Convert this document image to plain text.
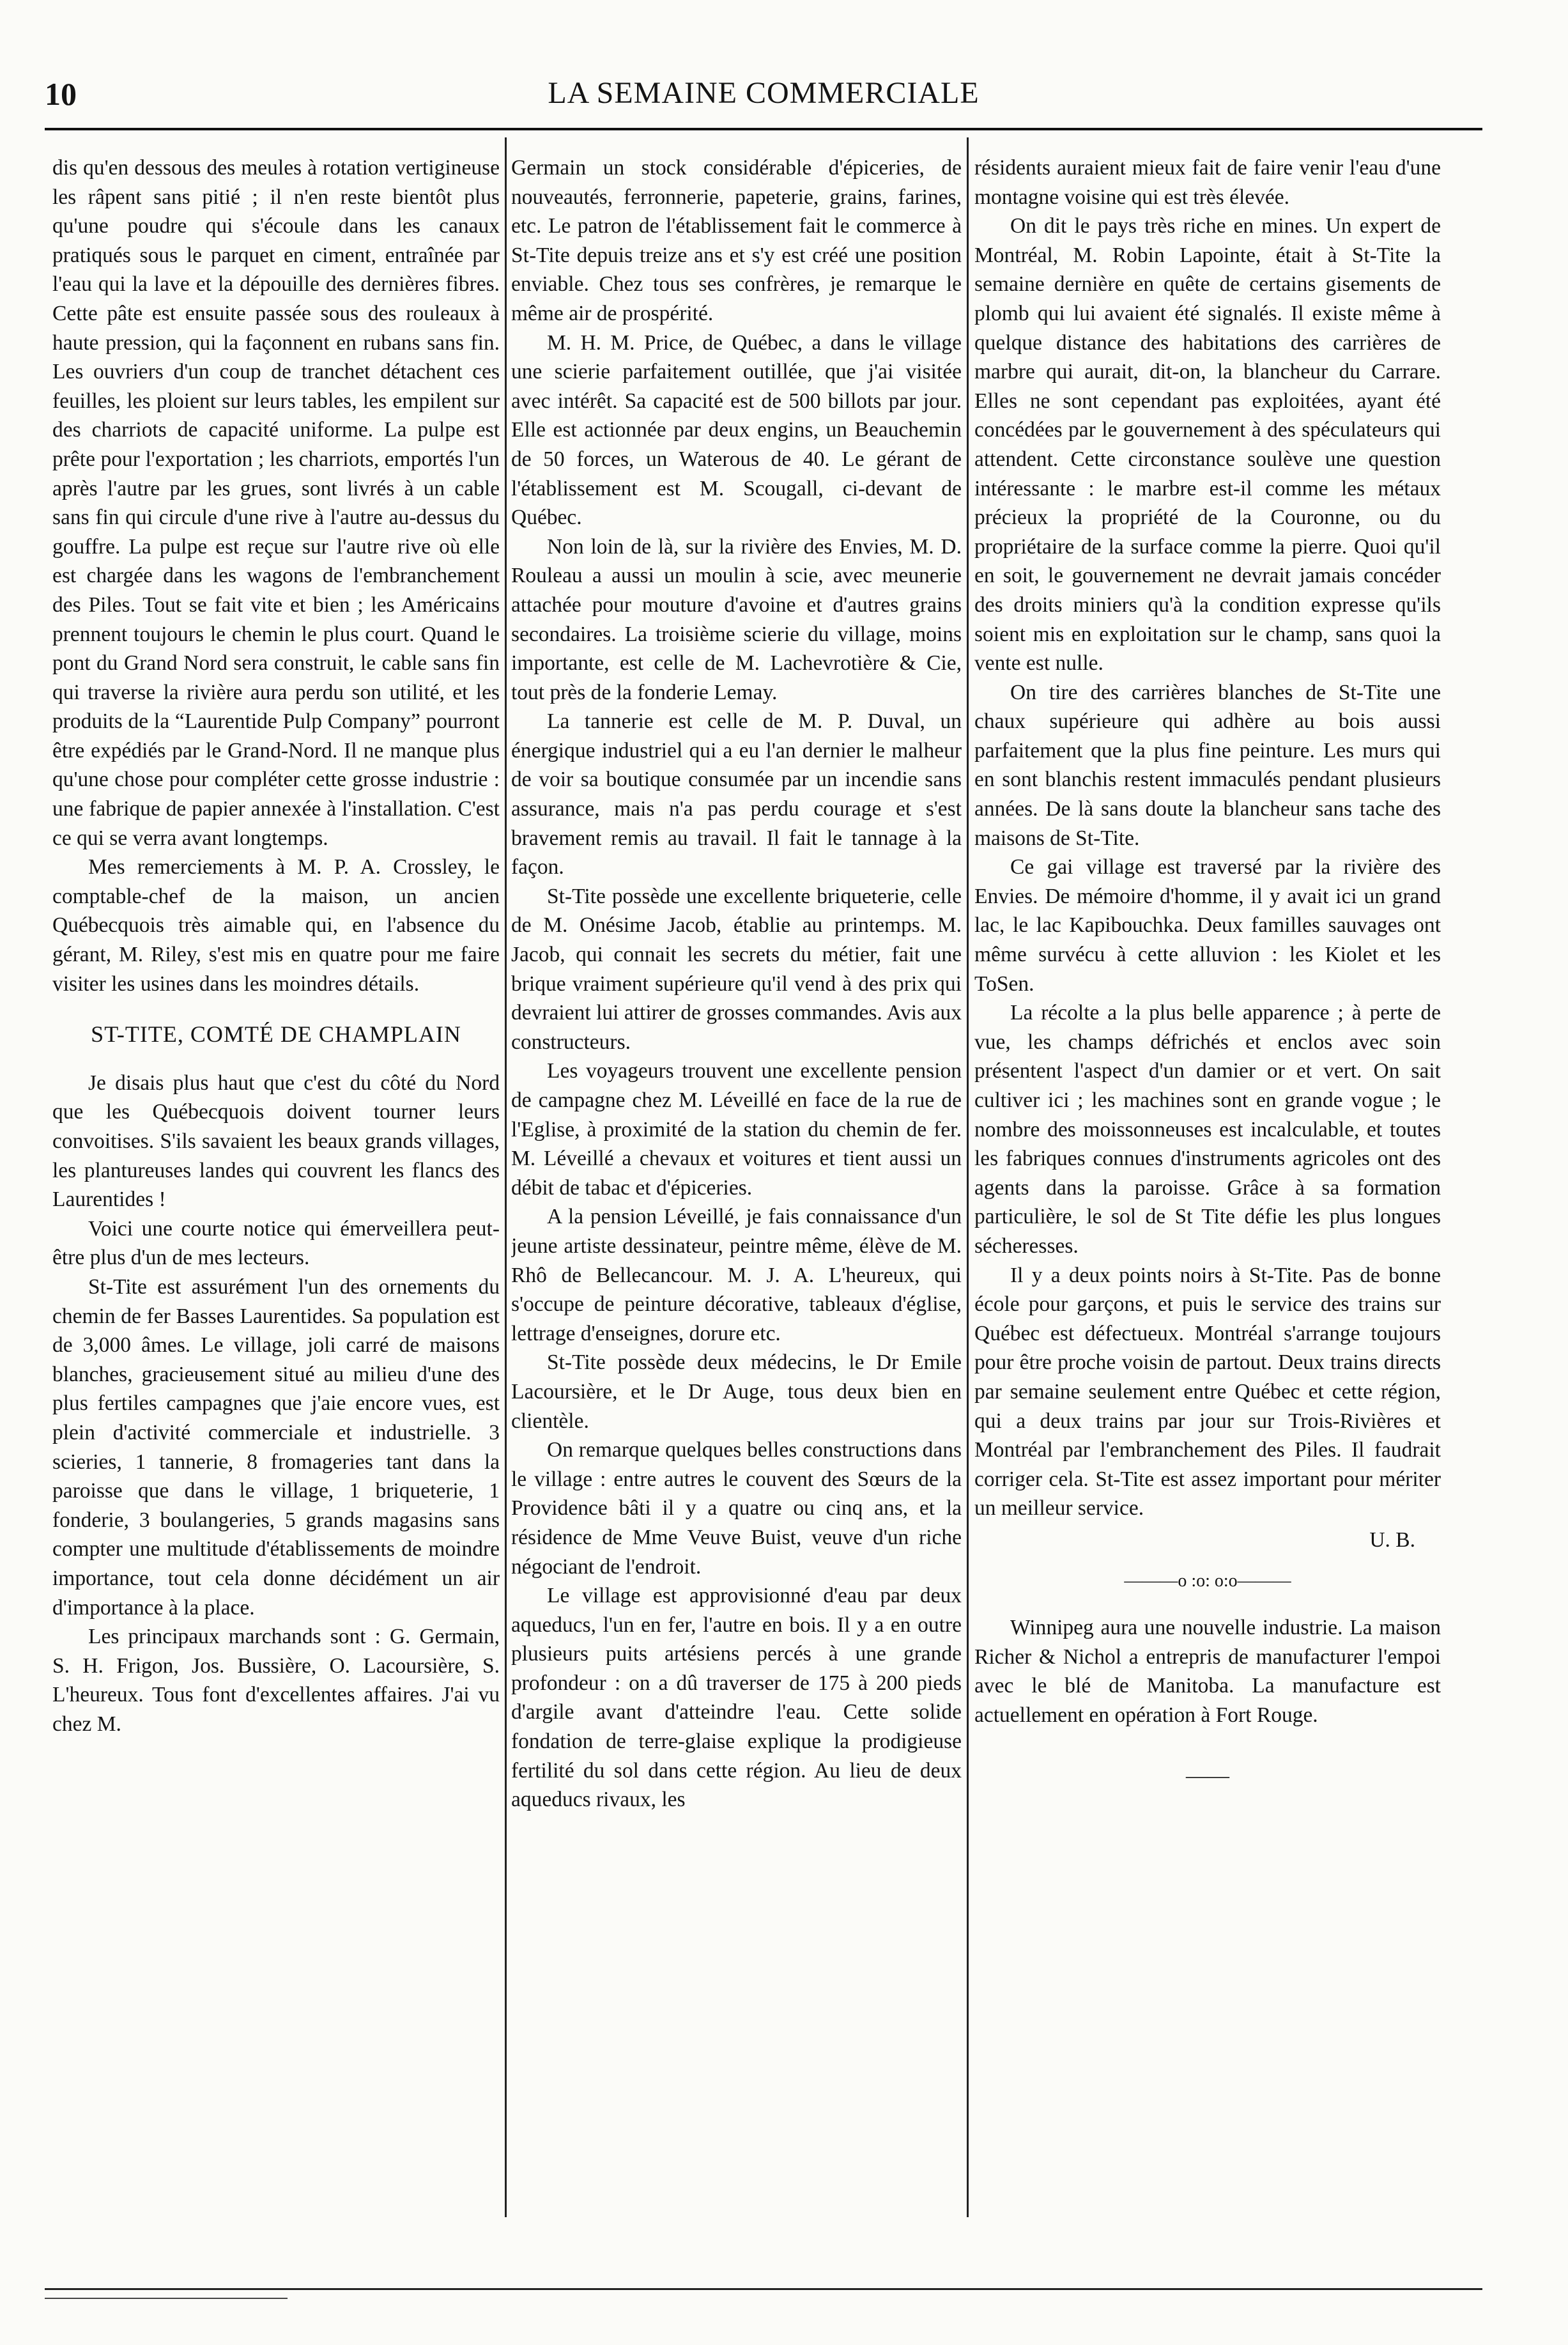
10	LA SEMAINE COMMERCIALE

dis qu'en dessous des meules à rotation vertigineuse les râpent sans pitié ; il n'en reste bientôt plus qu'une poudre qui s'écoule dans les canaux pratiqués sous le parquet en ciment, entraînée par l'eau qui la lave et la dépouille des dernières fibres. Cette pâte est ensuite passée sous des rouleaux à haute pression, qui la façonnent en rubans sans fin. Les ouvriers d'un coup de tranchet détachent ces feuilles, les ploient sur leurs tables, les empilent sur des charriots de capacité uniforme. La pulpe est prête pour l'exportation ; les charriots, emportés l'un après l'autre par les grues, sont livrés à un cable sans fin qui circule d'une rive à l'autre au-dessus du gouffre. La pulpe est reçue sur l'autre rive où elle est chargée dans les wagons de l'embranchement des Piles. Tout se fait vite et bien ; les Américains prennent toujours le chemin le plus court. Quand le pont du Grand Nord sera construit, le cable sans fin qui traverse la rivière aura perdu son utilité, et les produits de la “Laurentide Pulp Company” pourront être expédiés par le Grand-Nord. Il ne manque plus qu'une chose pour compléter cette grosse industrie : une fabrique de papier annexée à l'installation. C'est ce qui se verra avant longtemps.

Mes remerciements à M. P. A. Crossley, le comptable-chef de la maison, un ancien Québecquois très aimable qui, en l'absence du gérant, M. Riley, s'est mis en quatre pour me faire visiter les usines dans les moindres détails.

ST-TITE, COMTÉ DE CHAMPLAIN

Je disais plus haut que c'est du côté du Nord que les Québecquois doivent tourner leurs convoitises. S'ils savaient les beaux grands villages, les plantureuses landes qui couvrent les flancs des Laurentides !

Voici une courte notice qui émerveillera peut-être plus d'un de mes lecteurs.

St-Tite est assurément l'un des ornements du chemin de fer Basses Laurentides. Sa population est de 3,000 âmes. Le village, joli carré de maisons blanches, gracieusement situé au milieu d'une des plus fertiles campagnes que j'aie encore vues, est plein d'activité commerciale et industrielle. 3 scieries, 1 tannerie, 8 fromageries tant dans la paroisse que dans le village, 1 briqueterie, 1 fonderie, 3 boulangeries, 5 grands magasins sans compter une multitude d'établissements de moindre importance, tout cela donne décidément un air d'importance à la place.

Les principaux marchands sont : G. Germain, S. H. Frigon, Jos. Bussière, O. Lacoursière, S. L'heureux. Tous font d'excellentes affaires. J'ai vu chez M.

Germain un stock considérable d'épiceries, de nouveautés, ferronnerie, papeterie, grains, farines, etc. Le patron de l'établissement fait le commerce à St-Tite depuis treize ans et s'y est créé une position enviable. Chez tous ses confrères, je remarque le même air de prospérité.

M. H. M. Price, de Québec, a dans le village une scierie parfaitement outillée, que j'ai visitée avec intérêt. Sa capacité est de 500 billots par jour. Elle est actionnée par deux engins, un Beauchemin de 50 forces, un Waterous de 40. Le gérant de l'établissement est M. Scougall, ci-devant de Québec.

Non loin de là, sur la rivière des Envies, M. D. Rouleau a aussi un moulin à scie, avec meunerie attachée pour mouture d'avoine et d'autres grains secondaires. La troisième scierie du village, moins importante, est celle de M. Lachevrotière & Cie, tout près de la fonderie Lemay.

La tannerie est celle de M. P. Duval, un énergique industriel qui a eu l'an dernier le malheur de voir sa boutique consumée par un incendie sans assurance, mais n'a pas perdu courage et s'est bravement remis au travail. Il fait le tannage à la façon.

St-Tite possède une excellente briqueterie, celle de M. Onésime Jacob, établie au printemps. M. Jacob, qui connait les secrets du métier, fait une brique vraiment supérieure qu'il vend à des prix qui devraient lui attirer de grosses commandes. Avis aux constructeurs.

Les voyageurs trouvent une excellente pension de campagne chez M. Léveillé en face de la rue de l'Eglise, à proximité de la station du chemin de fer. M. Léveillé a chevaux et voitures et tient aussi un débit de tabac et d'épiceries.

A la pension Léveillé, je fais connaissance d'un jeune artiste dessinateur, peintre même, élève de M. Rhô de Bellecancour. M. J. A. L'heureux, qui s'occupe de peinture décorative, tableaux d'église, lettrage d'enseignes, dorure etc.

St-Tite possède deux médecins, le Dr Emile Lacoursière, et le Dr Auge, tous deux bien en clientèle.

On remarque quelques belles constructions dans le village : entre autres le couvent des Sœurs de la Providence bâti il y a quatre ou cinq ans, et la résidence de Mme Veuve Buist, veuve d'un riche négociant de l'endroit.

Le village est approvisionné d'eau par deux aqueducs, l'un en fer, l'autre en bois. Il y a en outre plusieurs puits artésiens percés à une grande profondeur : on a dû traverser de 175 à 200 pieds d'argile avant d'atteindre l'eau. Cette solide fondation de terre-glaise explique la prodigieuse fertilité du sol dans cette région. Au lieu de deux aqueducs rivaux, les

résidents auraient mieux fait de faire venir l'eau d'une montagne voisine qui est très élevée.

On dit le pays très riche en mines. Un expert de Montréal, M. Robin Lapointe, était à St-Tite la semaine dernière en quête de certains gisements de plomb qui lui avaient été signalés. Il existe même à quelque distance des habitations des carrières de marbre qui aurait, dit-on, la blancheur du Carrare. Elles ne sont cependant pas exploitées, ayant été concédées par le gouvernement à des spéculateurs qui attendent. Cette circonstance soulève une question intéressante : le marbre est-il comme les métaux précieux la propriété de la Couronne, ou du propriétaire de la surface comme la pierre. Quoi qu'il en soit, le gouvernement ne devrait jamais concéder des droits miniers qu'à la condition expresse qu'ils soient mis en exploitation sur le champ, sans quoi la vente est nulle.

On tire des carrières blanches de St-Tite une chaux supérieure qui adhère au bois aussi parfaitement que la plus fine peinture. Les murs qui en sont blanchis restent immaculés pendant plusieurs années. De là sans doute la blancheur sans tache des maisons de St-Tite.

Ce gai village est traversé par la rivière des Envies. De mémoire d'homme, il y avait ici un grand lac, le lac Kapibouchka. Deux familles sauvages ont même survécu à cette alluvion : les Kiolet et les ToSen.

La récolte a la plus belle apparence ; à perte de vue, les champs défrichés et enclos avec soin présentent l'aspect d'un damier or et vert. On sait cultiver ici ; les machines sont en grande vogue ; le nombre des moissonneuses est incalculable, et toutes les fabriques connues d'instruments agricoles ont des agents dans la paroisse. Grâce à sa formation particulière, le sol de St Tite défie les plus longues sécheresses.

Il y a deux points noirs à St-Tite. Pas de bonne école pour garçons, et puis le service des trains sur Québec est défectueux. Montréal s'arrange toujours pour être proche voisin de partout. Deux trains directs par semaine seulement entre Québec et cette région, qui a deux trains par jour sur Trois-Rivières et Montréal par l'embranchement des Piles. Il faudrait corriger cela. St-Tite est assez important pour mériter un meilleur service.

U. B.
———o :o: o:o———

Winnipeg aura une nouvelle industrie. La maison Richer & Nichol a entrepris de manufacturer l'empoi avec le blé de Manitoba. La manufacture est actuellement en opération à Fort Rouge.

——
